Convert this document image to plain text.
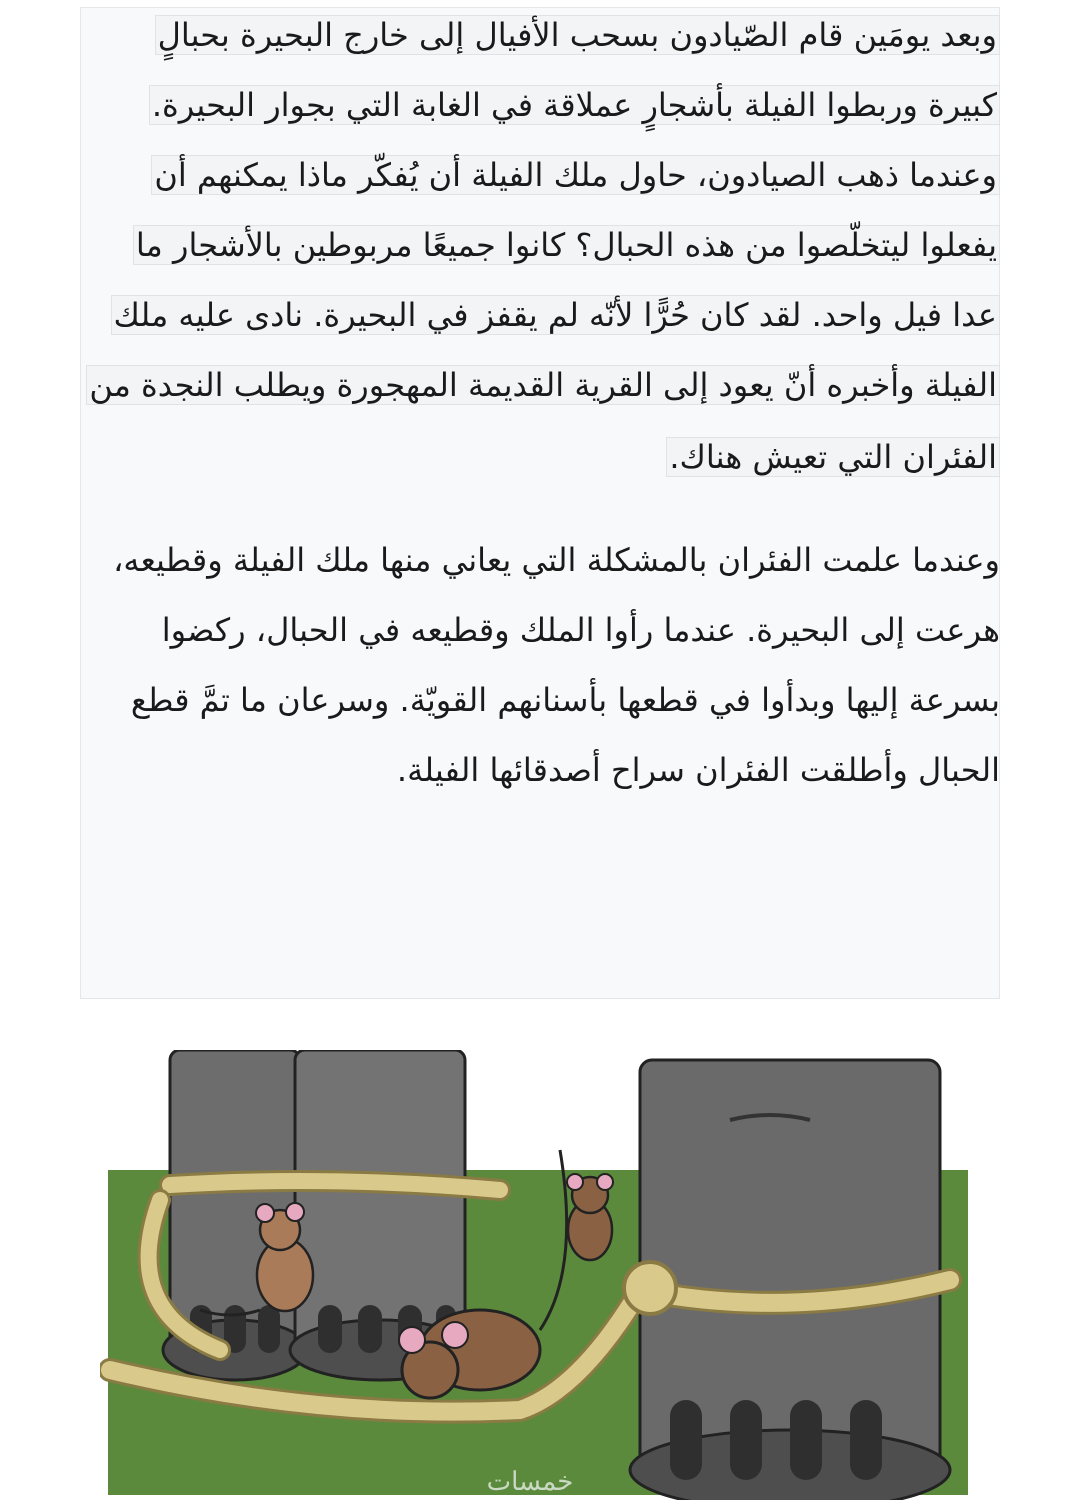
وبعد يومَين قام الصّيادون بسحب الأفيال إلى خارج البحيرة بحبالٍ
كبيرة وربطوا الفيلة بأشجارٍ عملاقة في الغابة التي بجوار البحيرة.
وعندما ذهب الصيادون، حاول ملك الفيلة أن يُفكّر ماذا يمكنهم أن
يفعلوا ليتخلّصوا من هذه الحبال؟ كانوا جميعًا مربوطين بالأشجار ما
عدا فيل واحد. لقد كان حُرًّا لأنّه لم يقفز في البحيرة. نادى عليه ملك
الفيلة وأخبره أنّ يعود إلى القرية القديمة المهجورة ويطلب النجدة من
الفئران التي تعيش هناك.
وعندما علمت الفئران بالمشكلة التي يعاني منها ملك الفيلة وقطيعه،
هرعت إلى البحيرة. عندما رأوا الملك وقطيعه في الحبال، ركضوا
بسرعة إليها وبدأوا في قطعها بأسنانهم القويّة. وسرعان ما تمَّ قطع
الحبال وأطلقت الفئران سراح أصدقائها الفيلة.
خمسات
